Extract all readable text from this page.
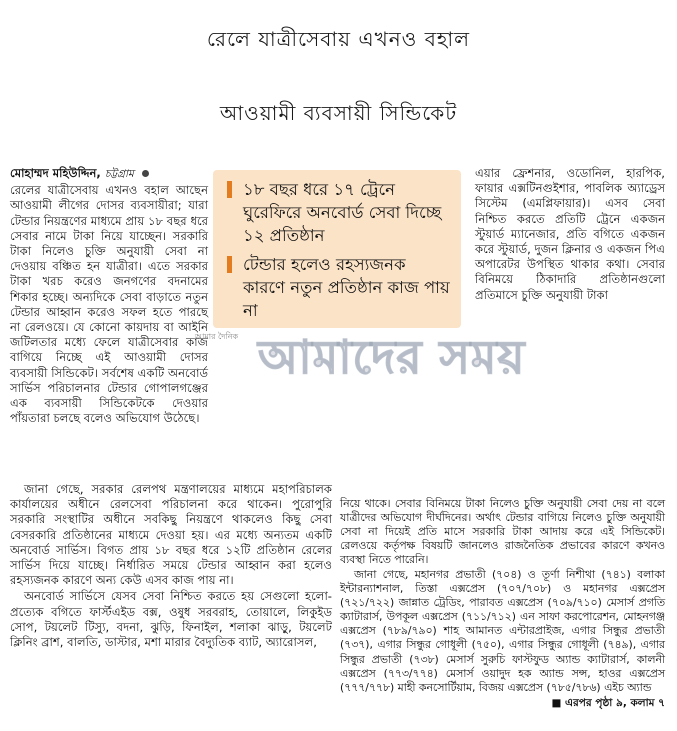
রেলে যাত্রীসেবায় এখনও বহাল
আওয়ামী ব্যবসায়ী সিন্ডিকেট

মোহাম্মদ মহিউদ্দিন, চট্টগ্রাম

রেলের যাত্রীসেবায় এখনও বহাল আছেন আওয়ামী লীগের দোসর ব্যবসায়ীরা; যারা টেন্ডার নিয়ন্ত্রণের মাধ্যমে প্রায় ১৮ বছর ধরে সেবার নামে টাকা নিয়ে যাচ্ছেন। সরকারি টাকা নিলেও চুক্তি অনুযায়ী সেবা না দেওয়ায় বঞ্চিত হন যাত্রীরা। এতে সরকার টাকা খরচ করেও জনগণের বদনামের শিকার হচ্ছে। অন্যদিকে সেবা বাড়াতে নতুন টেন্ডার আহ্বান করেও সফল হতে পারছে না রেলওয়ে। যে কোনো কায়দায় বা আইনি জটিলতার মধ্যে ফেলে যাত্রীসেবার কাজ বাগিয়ে নিচ্ছে এই আওয়ামী দোসর ব্যবসায়ী সিন্ডিকেট। সর্বশেষ একটি অনবোর্ড সার্ভিস পরিচালনার টেন্ডার গোপালগঞ্জের এক ব্যবসায়ী সিন্ডিকেটকে দেওয়ার পাঁয়তারা চলছে বলেও অভিযোগ উঠেছে।

১৮ বছর ধরে ১৭ ট্রেনে ঘুরেফিরে অনবোর্ড সেবা দিচ্ছে ১২ প্রতিষ্ঠান
টেন্ডার হলেও রহস্যজনক কারণে নতুন প্রতিষ্ঠান কাজ পায় না

এয়ার ফ্রেশনার, ওডোনিল, হারপিক, ফায়ার এক্সটিনগুইশার, পাবলিক অ্যাড্রেস সিস্টেম (এমপ্লিফায়ার)। এসব সেবা নিশ্চিত করতে প্রতিটি ট্রেনে একজন স্টুয়ার্ড ম্যানেজার, প্রতি বগিতে একজন করে স্টুয়ার্ড, দুজন ক্লিনার ও একজন পিএ অপারেটর উপস্থিত থাকার কথা। সেবার বিনিময়ে ঠিকাদারি প্রতিষ্ঠানগুলো প্রতিমাসে চুক্তি অনুযায়ী টাকা

জানা গেছে, সরকার রেলপথ মন্ত্রণালয়ের মাধ্যমে মহাপরিচালক কার্যালয়ের অধীনে রেলসেবা পরিচালনা করে থাকেন। পুরোপুরি সরকারি সংস্থাটির অধীনে সবকিছু নিয়ন্ত্রণে থাকলেও কিছু সেবা বেসরকারি প্রতিষ্ঠানের মাধ্যমে দেওয়া হয়। এর মধ্যে অন্যতম একটি অনবোর্ড সার্ভিস। বিগত প্রায় ১৮ বছর ধরে ১২টি প্রতিষ্ঠান রেলের সার্ভিস দিয়ে যাচ্ছে। নির্ধারিত সময়ে টেন্ডার আহ্বান করা হলেও রহস্যজনক কারণে অন্য কেউ এসব কাজ পায় না।

অনবোর্ড সার্ভিসে যেসব সেবা নিশ্চিত করতে হয় সেগুলো হলো- প্রত্যেক বগিতে ফার্স্টএইড বক্স, ওষুধ সরবরাহ, তোয়ালে, লিকুইড সোপ, টয়লেট টিস্যু, বদনা, ঝুড়ি, ফিনাইল, শলাকা ঝাড়ু, টয়লেট ক্লিনিং ব্রাশ, বালতি, ডাস্টার, মশা মারার বৈদ্যুতিক ব্যাট, অ্যারোসল,

নিয়ে থাকে। সেবার বিনিময়ে টাকা নিলেও চুক্তি অনুযায়ী সেবা দেয় না বলে যাত্রীদের অভিযোগ দীর্ঘদিনের। অর্থাৎ টেন্ডার বাগিয়ে নিলেও চুক্তি অনুযায়ী সেবা না দিয়েই প্রতি মাসে সরকারি টাকা আদায় করে এই সিন্ডিকেট। রেলওয়ে কর্তৃপক্ষ বিষয়টি জানলেও রাজনৈতিক প্রভাবের কারণে কখনও ব্যবস্থা নিতে পারেনি।

জানা গেছে, মহানগর প্রভাতী (৭০৪) ও তূর্ণা নিশীথা (৭৪১) বলাকা ইন্টারন্যাশনাল, তিস্তা এক্সপ্রেস (৭০৭/৭০৮) ও মহানগর এক্সপ্রেস (৭২১/৭২২) জান্নাত ট্রেডিং, পারাবত এক্সপ্রেস (৭০৯/৭১০) মেসার্স প্রগতি ক্যাটারার্স, উপকূল এক্সপ্রেস (৭১১/৭১২) এন সাফা করপোরেশন, মোহনগঞ্জ এক্সপ্রেস (৭৮৯/৭৯০) শাহ আমানত এন্টারপ্রাইজ, এগার সিন্ধুর প্রভাতী (৭৩৭), এগার সিন্ধুর গোধূলী (৭৫০), এগার সিন্ধুর গোধূলী (৭৪৯), এগার সিন্ধুর প্রভাতী (৭৩৮) মেসার্স সুরুচি ফাস্টফুড অ্যান্ড ক্যাটারার্স, কালনী এক্সপ্রেস (৭৭৩/৭৭৪) মেসার্স ওয়াদুদ হক অ্যান্ড সন্স, হাওর এক্সপ্রেস (৭৭৭/৭৭৮) মাহী কনসোর্টিয়াম, বিজয় এক্সপ্রেস (৭৮৫/৭৮৬) এইচ অ্যান্ড

■ এরপর পৃষ্ঠা ৯, কলাম ৭

আমার দৈনিক আমাদের সময়
